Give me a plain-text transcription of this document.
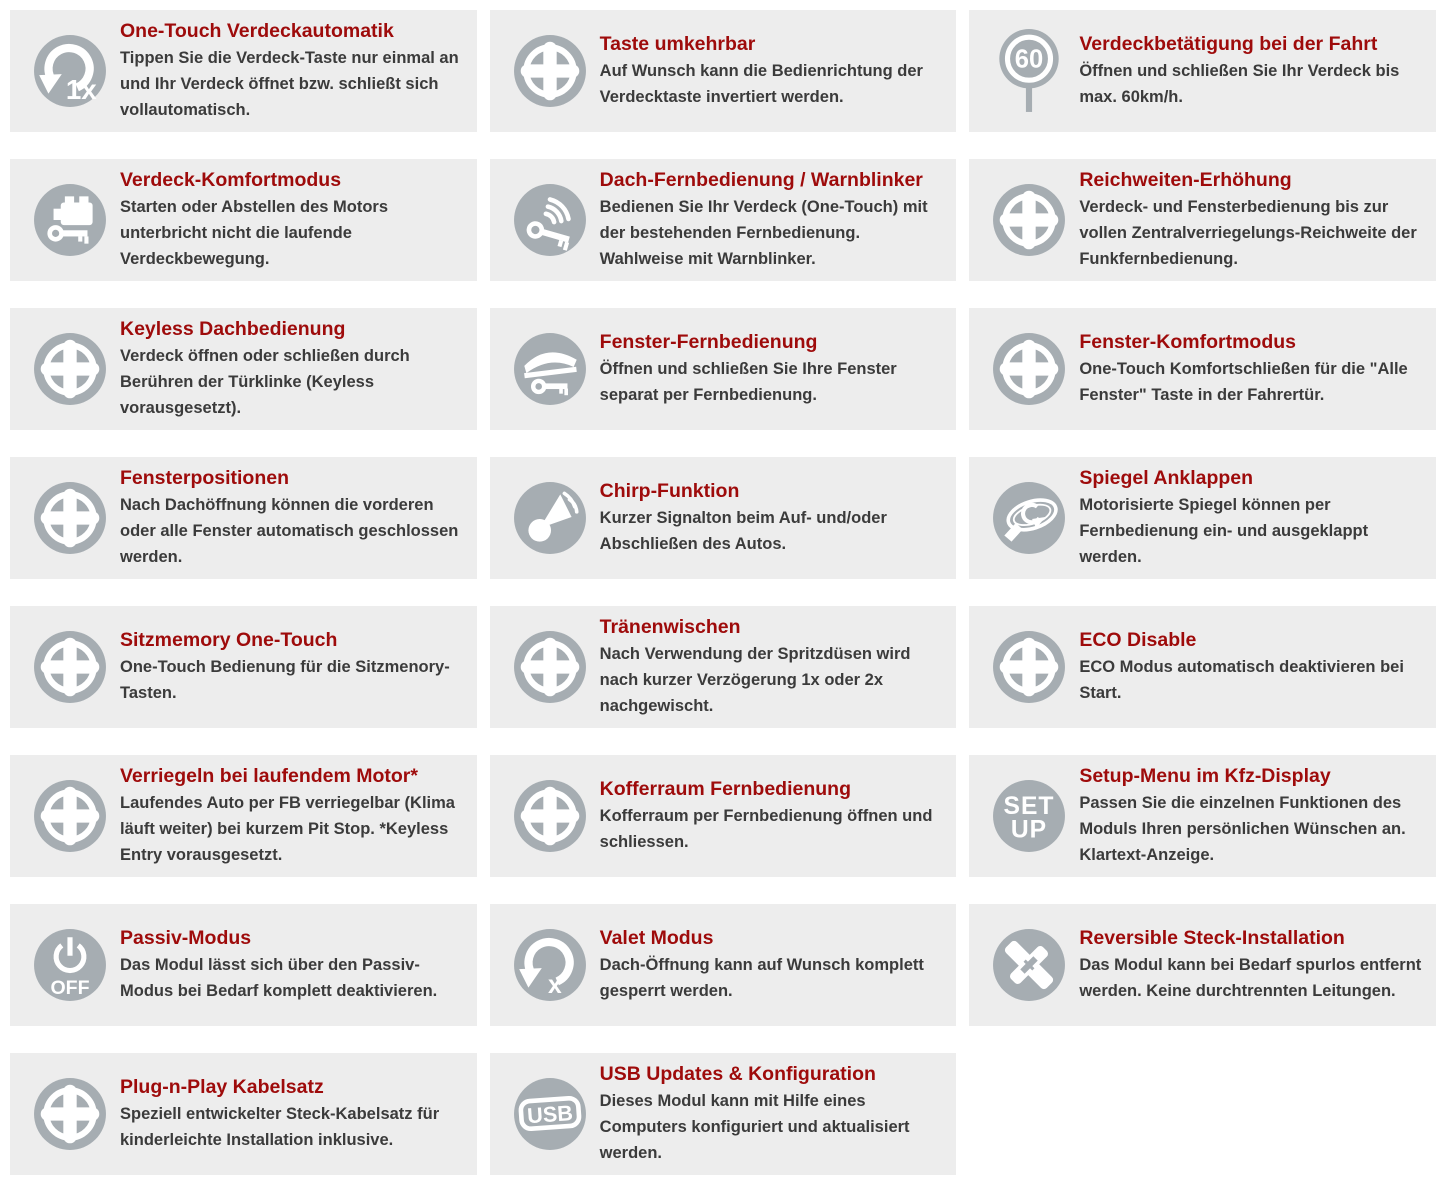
1x
One-Touch Verdeckautomatik

Tippen Sie die Verdeck-Taste nur einmal an und Ihr Verdeck öffnet bzw. schließt sich vollautomatisch.

Taste umkehrbar

Auf Wunsch kann die Bedienrichtung der Verdecktaste invertiert werden.

60
Verdeckbetätigung bei der Fahrt

Öffnen und schließen Sie Ihr Verdeck bis max. 60km/h.

Verdeck-Komfortmodus

Starten oder Abstellen des Motors unterbricht nicht die laufende Verdeckbewegung.

Dach-Fernbedienung / Warnblinker

Bedienen Sie Ihr Verdeck (One-Touch) mit der bestehenden Fernbedienung. Wahlweise mit Warnblinker.

Reichweiten-Erhöhung

Verdeck- und Fensterbedienung bis zur vollen Zentralverriegelungs-Reichweite der Funkfernbedienung.

Keyless Dachbedienung

Verdeck öffnen oder schließen durch Berühren der Türklinke (Keyless vorausgesetzt).

Fenster-Fernbedienung

Öffnen und schließen Sie Ihre Fenster separat per Fernbedienung.

Fenster-Komfortmodus

One-Touch Komfortschließen für die "Alle Fenster" Taste in der Fahrertür.

Fensterpositionen

Nach Dachöffnung können die vorderen oder alle Fenster automatisch geschlossen werden.

Chirp-Funktion

Kurzer Signalton beim Auf- und/oder Abschließen des Autos.

Spiegel Anklappen

Motorisierte Spiegel können per Fernbedienung ein- und ausgeklappt werden.

Sitzmemory One-Touch

One-Touch Bedienung für die Sitzmenory-Tasten.

Tränenwischen

Nach Verwendung der Spritzdüsen wird nach kurzer Verzögerung 1x oder 2x nachgewischt.

ECO Disable

ECO Modus automatisch deaktivieren bei Start.

Verriegeln bei laufendem Motor*

Laufendes Auto per FB verriegelbar (Klima läuft weiter) bei kurzem Pit Stop. *Keyless Entry vorausgesetzt.

Kofferraum Fernbedienung

Kofferraum per Fernbedienung öffnen und schliessen.

SET
UP
Setup-Menu im Kfz-Display

Passen Sie die einzelnen Funktionen des Moduls Ihren persönlichen Wünschen an. Klartext-Anzeige.

OFF
Passiv-Modus

Das Modul lässt sich über den Passiv-Modus bei Bedarf komplett deaktivieren.	x
Valet Modus

Dach-Öffnung kann auf Wunsch komplett gesperrt werden.

Reversible Steck-Installation

Das Modul kann bei Bedarf spurlos entfernt werden. Keine durchtrennten Leitungen.

Plug-n-Play Kabelsatz

Speziell entwickelter Steck-Kabelsatz für kinderleichte Installation inklusive.

USB
USB Updates & Konfiguration

Dieses Modul kann mit Hilfe eines Computers konfiguriert und aktualisiert werden.
